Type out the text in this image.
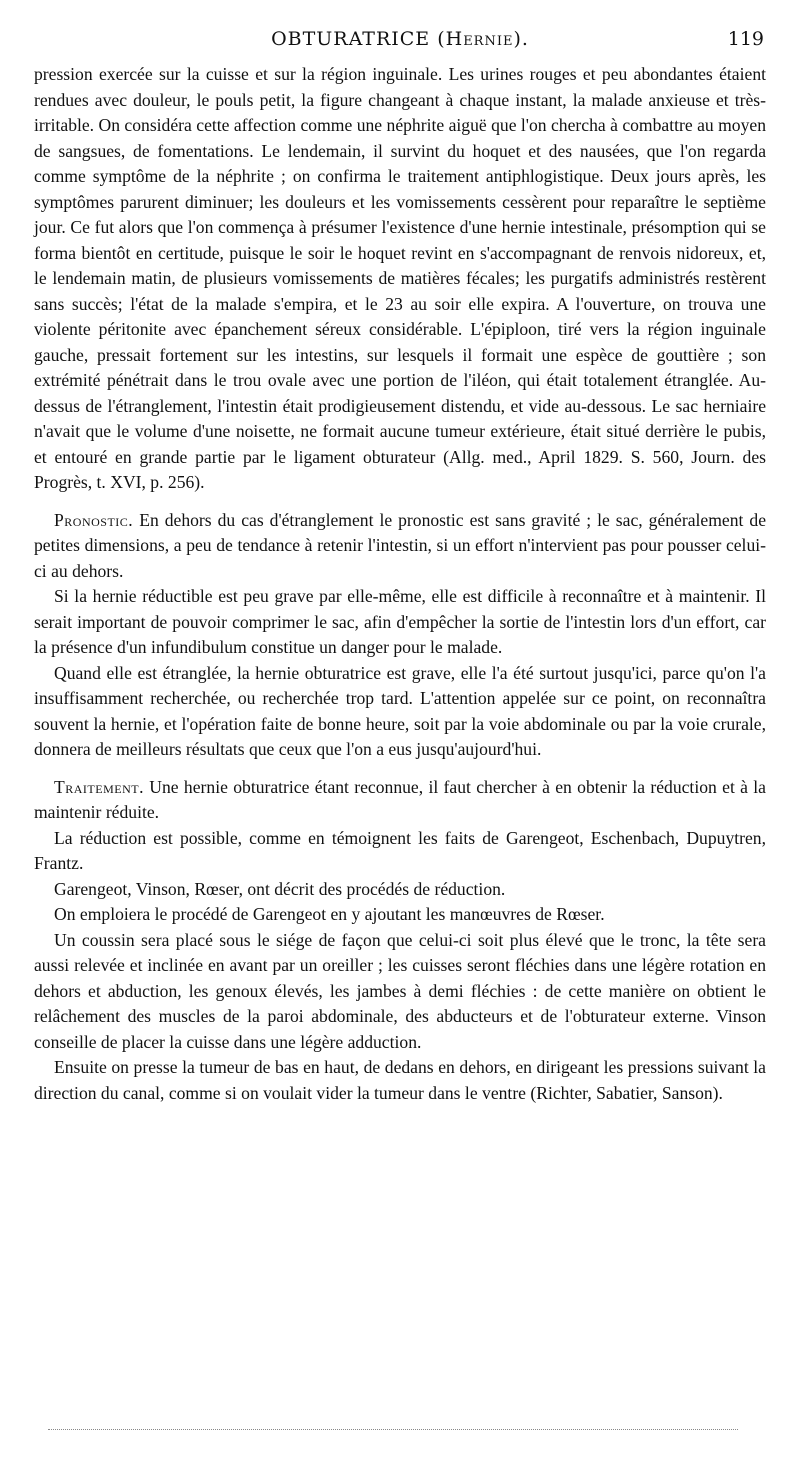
OBTURATRICE (Hernie).	119

pression exercée sur la cuisse et sur la région inguinale. Les urines rouges et peu abondantes étaient rendues avec douleur, le pouls petit, la figure changeant à chaque instant, la malade anxieuse et très-irritable. On considéra cette affection comme une néphrite aiguë que l'on chercha à combattre au moyen de sangsues, de fomentations. Le lendemain, il survint du hoquet et des nausées, que l'on regarda comme symptôme de la néphrite ; on confirma le traitement antiphlogistique. Deux jours après, les symptômes parurent diminuer; les douleurs et les vomissements cessèrent pour reparaître le septième jour. Ce fut alors que l'on commença à présumer l'existence d'une hernie intestinale, présomption qui se forma bientôt en certitude, puisque le soir le hoquet revint en s'accompagnant de renvois nidoreux, et, le lendemain matin, de plusieurs vomissements de matières fécales; les purgatifs administrés restèrent sans succès; l'état de la malade s'empira, et le 23 au soir elle expira. A l'ouverture, on trouva une violente péritonite avec épanchement séreux considérable. L'épiploon, tiré vers la région inguinale gauche, pressait fortement sur les intestins, sur lesquels il formait une espèce de gouttière ; son extrémité pénétrait dans le trou ovale avec une portion de l'iléon, qui était totalement étranglée. Au-dessus de l'étranglement, l'intestin était prodigieusement distendu, et vide au-dessous. Le sac herniaire n'avait que le volume d'une noisette, ne formait aucune tumeur extérieure, était situé derrière le pubis, et entouré en grande partie par le ligament obturateur (Allg. med., April 1829. S. 560, Journ. des Progrès, t. XVI, p. 256).

Pronostic. En dehors du cas d'étranglement le pronostic est sans gravité ; le sac, généralement de petites dimensions, a peu de tendance à retenir l'intestin, si un effort n'intervient pas pour pousser celui-ci au dehors.

Si la hernie réductible est peu grave par elle-même, elle est difficile à reconnaître et à maintenir. Il serait important de pouvoir comprimer le sac, afin d'empêcher la sortie de l'intestin lors d'un effort, car la présence d'un infundibulum constitue un danger pour le malade.

Quand elle est étranglée, la hernie obturatrice est grave, elle l'a été surtout jusqu'ici, parce qu'on l'a insuffisamment recherchée, ou recherchée trop tard. L'attention appelée sur ce point, on reconnaîtra souvent la hernie, et l'opération faite de bonne heure, soit par la voie abdominale ou par la voie crurale, donnera de meilleurs résultats que ceux que l'on a eus jusqu'aujourd'hui.

Traitement. Une hernie obturatrice étant reconnue, il faut chercher à en obtenir la réduction et à la maintenir réduite.

La réduction est possible, comme en témoignent les faits de Garengeot, Eschenbach, Dupuytren, Frantz.

Garengeot, Vinson, Rœser, ont décrit des procédés de réduction.

On emploiera le procédé de Garengeot en y ajoutant les manœuvres de Rœser.

Un coussin sera placé sous le siége de façon que celui-ci soit plus élevé que le tronc, la tête sera aussi relevée et inclinée en avant par un oreiller ; les cuisses seront fléchies dans une légère rotation en dehors et abduction, les genoux élevés, les jambes à demi fléchies : de cette manière on obtient le relâchement des muscles de la paroi abdominale, des abducteurs et de l'obturateur externe. Vinson conseille de placer la cuisse dans une légère adduction.

Ensuite on presse la tumeur de bas en haut, de dedans en dehors, en dirigeant les pressions suivant la direction du canal, comme si on voulait vider la tumeur dans le ventre (Richter, Sabatier, Sanson).
